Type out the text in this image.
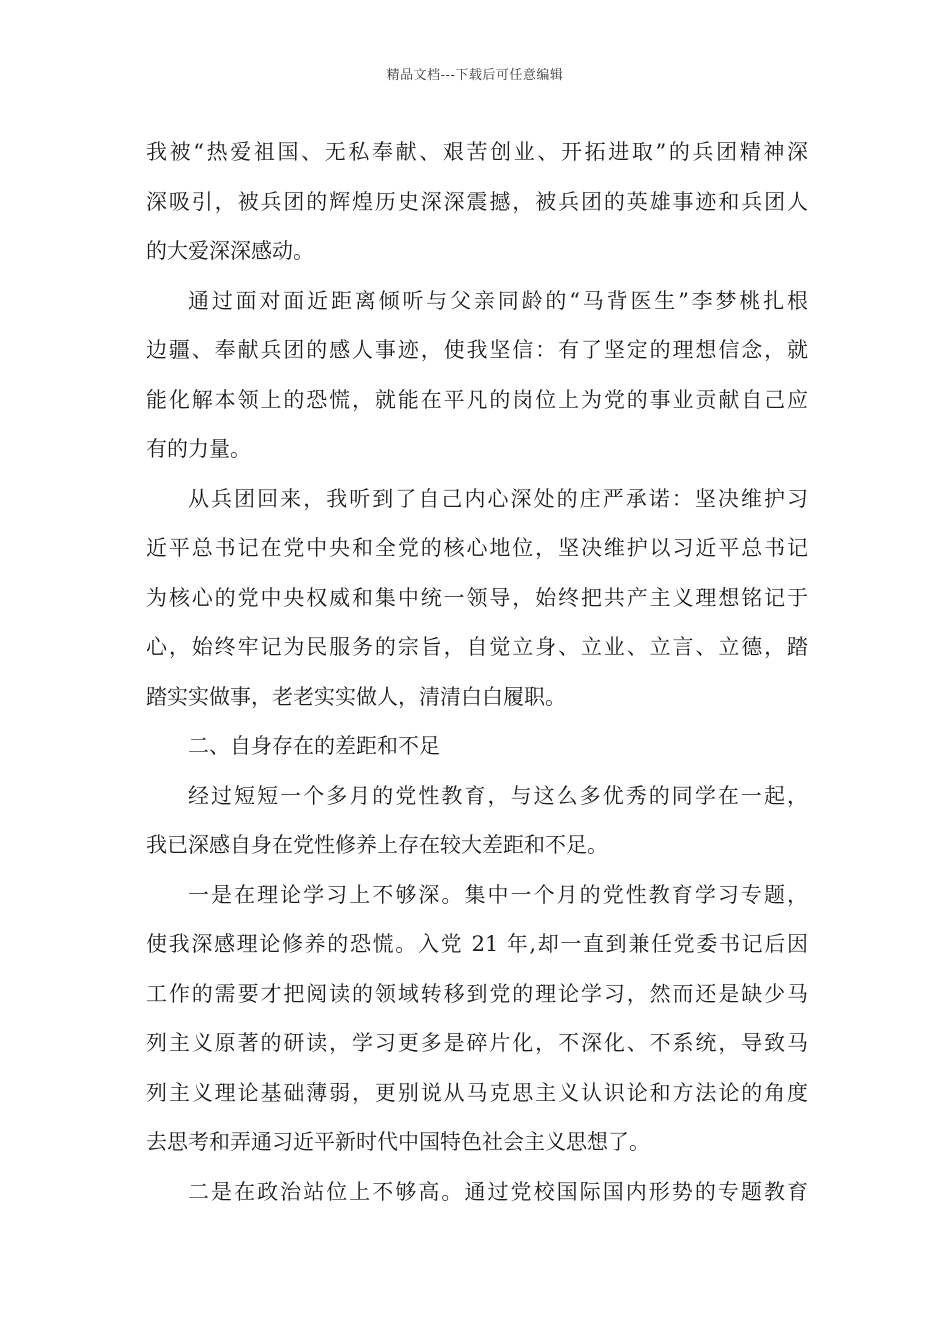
精品文档---下载后可任意编辑
我被“热爱祖国、无私奉献、艰苦创业、开拓进取”的兵团精神深
深吸引，被兵团的辉煌历史深深震撼，被兵团的英雄事迹和兵团人
的大爱深深感动。
通过面对面近距离倾听与父亲同龄的“马背医生”李梦桃扎根
边疆、奉献兵团的感人事迹，使我坚信：有了坚定的理想信念，就
能化解本领上的恐慌，就能在平凡的岗位上为党的事业贡献自己应
有的力量。
从兵团回来，我听到了自己内心深处的庄严承诺：坚决维护习
近平总书记在党中央和全党的核心地位，坚决维护以习近平总书记
为核心的党中央权威和集中统一领导，始终把共产主义理想铭记于
心，始终牢记为民服务的宗旨，自觉立身、立业、立言、立德，踏
踏实实做事，老老实实做人，清清白白履职。
二、自身存在的差距和不足
经过短短一个多月的党性教育，与这么多优秀的同学在一起，
我已深感自身在党性修养上存在较大差距和不足。
一是在理论学习上不够深。集中一个月的党性教育学习专题，
使我深感理论修养的恐慌。入党 21 年,却一直到兼任党委书记后因
工作的需要才把阅读的领域转移到党的理论学习，然而还是缺少马
列主义原著的研读，学习更多是碎片化，不深化、不系统，导致马
列主义理论基础薄弱，更别说从马克思主义认识论和方法论的角度
去思考和弄通习近平新时代中国特色社会主义思想了。
二是在政治站位上不够高。通过党校国际国内形势的专题教育
